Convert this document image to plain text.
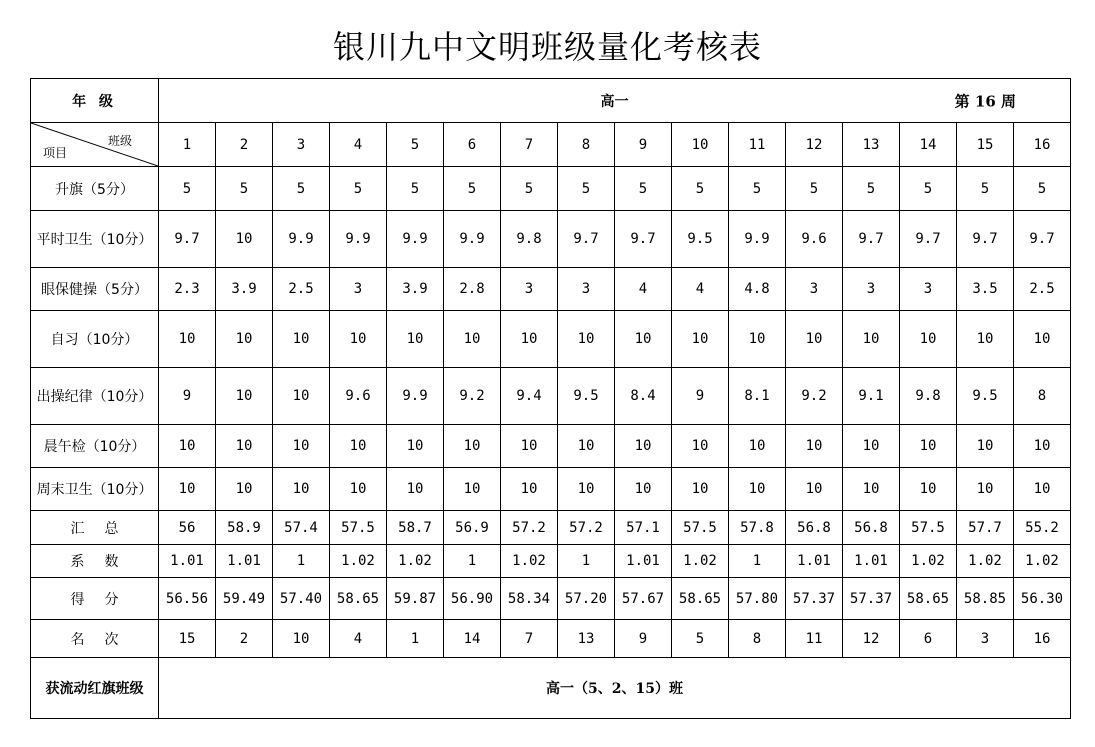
银川九中文明班级量化考核表
年 级	高一 第 16 周															

班级
项目	1	2	3	4	5	6	7	8	9	10	11	12	13	14	15	16
升旗（5分）	5	5	5	5	5	5	5	5	5	5	5	5	5	5	5	5
平时卫生（10分）	9.7	10	9.9	9.9	9.9	9.9	9.8	9.7	9.7	9.5	9.9	9.6	9.7	9.7	9.7	9.7
眼保健操（5分）	2.3	3.9	2.5	3	3.9	2.8	3	3	4	4	4.8	3	3	3	3.5	2.5
自习（10分）	10	10	10	10	10	10	10	10	10	10	10	10	10	10	10	10
出操纪律（10分）	9	10	10	9.6	9.9	9.2	9.4	9.5	8.4	9	8.1	9.2	9.1	9.8	9.5	8
晨午检（10分）	10	10	10	10	10	10	10	10	10	10	10	10	10	10	10	10
周末卫生（10分）	10	10	10	10	10	10	10	10	10	10	10	10	10	10	10	10
汇总	56	58.9	57.4	57.5	58.7	56.9	57.2	57.2	57.1	57.5	57.8	56.8	56.8	57.5	57.7	55.2
系数	1.01	1.01	1	1.02	1.02	1	1.02	1	1.01	1.02	1	1.01	1.01	1.02	1.02	1.02
得分	56.56	59.49	57.40	58.65	59.87	56.90	58.34	57.20	57.67	58.65	57.80	57.37	57.37	58.65	58.85	56.30
名次	15	2	10	4	1	14	7	13	9	5	8	11	12	6	3	16
获流动红旗班级	高一（5、2、15）班															
